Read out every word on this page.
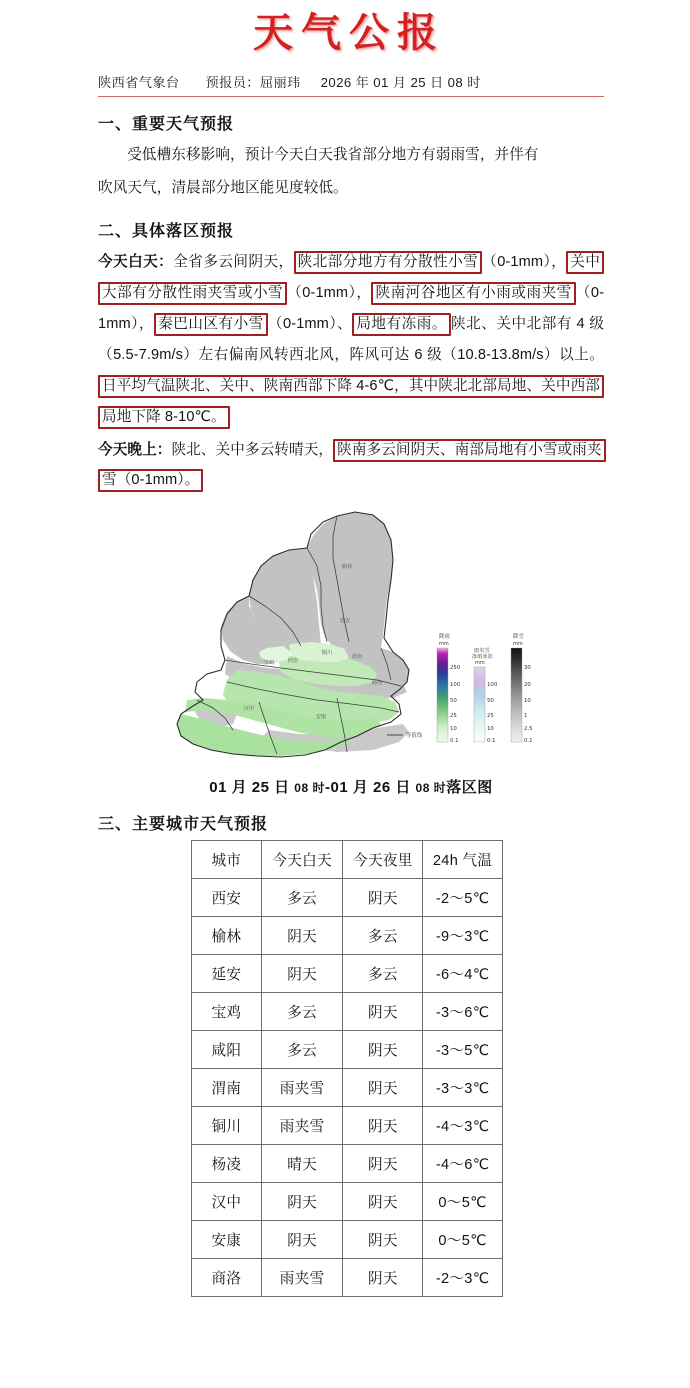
天气公报
陕西省气象台 预报员：屈丽玮 2026 年 01 月 25 日 08 时
一、重要天气预报

受低槽东移影响，预计今天白天我省部分地方有弱雨雪，并伴有

吹风天气，清晨部分地区能见度较低。

二、具体落区预报

今天白天：全省多云间阴天， 陕北部分地方有分散性小雪 （0-1mm）， 关中大部有分散性雨夹雪或小雪 （0-1mm）， 陕南河谷地区有小雨或雨夹雪 （0-1mm）， 秦巴山区有小雪 （0-1mm）、 局地有冻雨。 陕北、关中北部有 4 级（5.5-7.9m/s）左右偏南风转西北风，阵风可达 6 级（10.8-13.8m/s）以上。日平均气温陕北、关中、陕南西部下降 4-6℃，其中陕北北部局地、关中西部局地下降 8-10℃。

今天晚上：陕北、关中多云转晴天， 陕南多云间阴天、南部局地有小雪或雨夹雪（0-1mm）。

榆林
延安
铜川
渭南
宝鸡	西安
商洛
汉中
安康
降雨
mm
250
100
50
25
10
0.1
雨夹雪
冻雨冰冻
mm
100
50
25
10
0.1
降雪
mm
30
20
10
1
2.5
0.1
等值线
01 月 25 日 08 时-01 月 26 日 08 时落区图
三、主要城市天气预报
城市	今天白天	今天夜里	24h 气温
西安	多云	阴天	-2～5℃
榆林	阴天	多云	-9～3℃
延安	阴天	多云	-6～4℃
宝鸡	多云	阴天	-3～6℃
咸阳	多云	阴天	-3～5℃
渭南	雨夹雪	阴天	-3～3℃
铜川	雨夹雪	阴天	-4～3℃
杨凌	晴天	阴天	-4～6℃
汉中	阴天	阴天	0～5℃
安康	阴天	阴天	0～5℃
商洛	雨夹雪	阴天	-2～3℃
